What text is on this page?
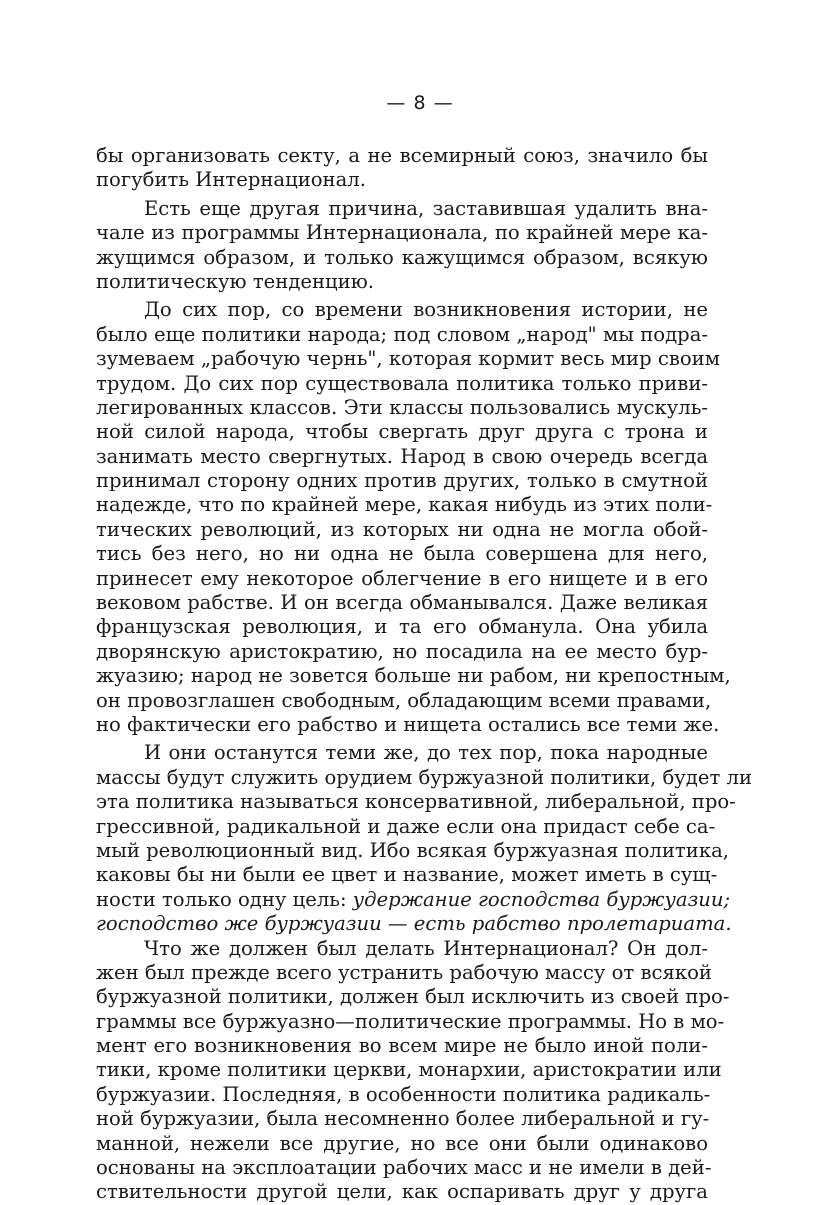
— 8 —
бы организовать секту, а не всемирный союз, значило бы
погубить Интернационал.
Есть еще другая причина, заставившая удалить вна-
чале из программы Интернационала, по крайней мере ка-
жущимся образом, и только кажущимся образом, всякую
политическую тенденцию.
До сих пор, со времени возникновения истории, не
было еще политики народа; под словом „народ" мы подра-
зумеваем „рабочую чернь", которая кормит весь мир своим
трудом. До сих пор существовала политика только приви-
легированных классов. Эти классы пользовались мускуль-
ной силой народа, чтобы свергать друг друга с трона и
занимать место свергнутых. Народ в свою очередь всегда
принимал сторону одних против других, только в смутной
надежде, что по крайней мере, какая нибудь из этих поли-
тических революций, из которых ни одна не могла обой-
тись без него, но ни одна не была совершена для него,
принесет ему некоторое облегчение в его нищете и в его
вековом рабстве. И он всегда обманывался. Даже великая
французская революция, и та его обманула. Она убила
дворянскую аристократию, но посадила на ее место бур-
жуазию; народ не зовется больше ни рабом, ни крепостным,
он провозглашен свободным, обладающим всеми правами,
но фактически его рабство и нищета остались все теми же.
И они останутся теми же, до тех пор, пока народные
массы будут служить орудием буржуазной политики, будет ли
эта политика называться консервативной, либеральной, про-
грессивной, радикальной и даже если она придаст себе са-
мый революционный вид. Ибо всякая буржуазная политика,
каковы бы ни были ее цвет и название, может иметь в сущ-
ности только одну цель: удержание господства буржуазии;
господство же буржуазии — есть рабство пролетариата.
Что же должен был делать Интернационал? Он дол-
жен был прежде всего устранить рабочую массу от всякой
буржуазной политики, должен был исключить из своей про-
граммы все буржуазно—политические программы. Но в мо-
мент его возникновения во всем мире не было иной поли-
тики, кроме политики церкви, монархии, аристократии или
буржуазии. Последняя, в особенности политика радикаль-
ной буржуазии, была несомненно более либеральной и гу-
манной, нежели все другие, но все они были одинаково
основаны на эксплоатации рабочих масс и не имели в дей-
ствительности другой цели, как оспаривать друг у друга
